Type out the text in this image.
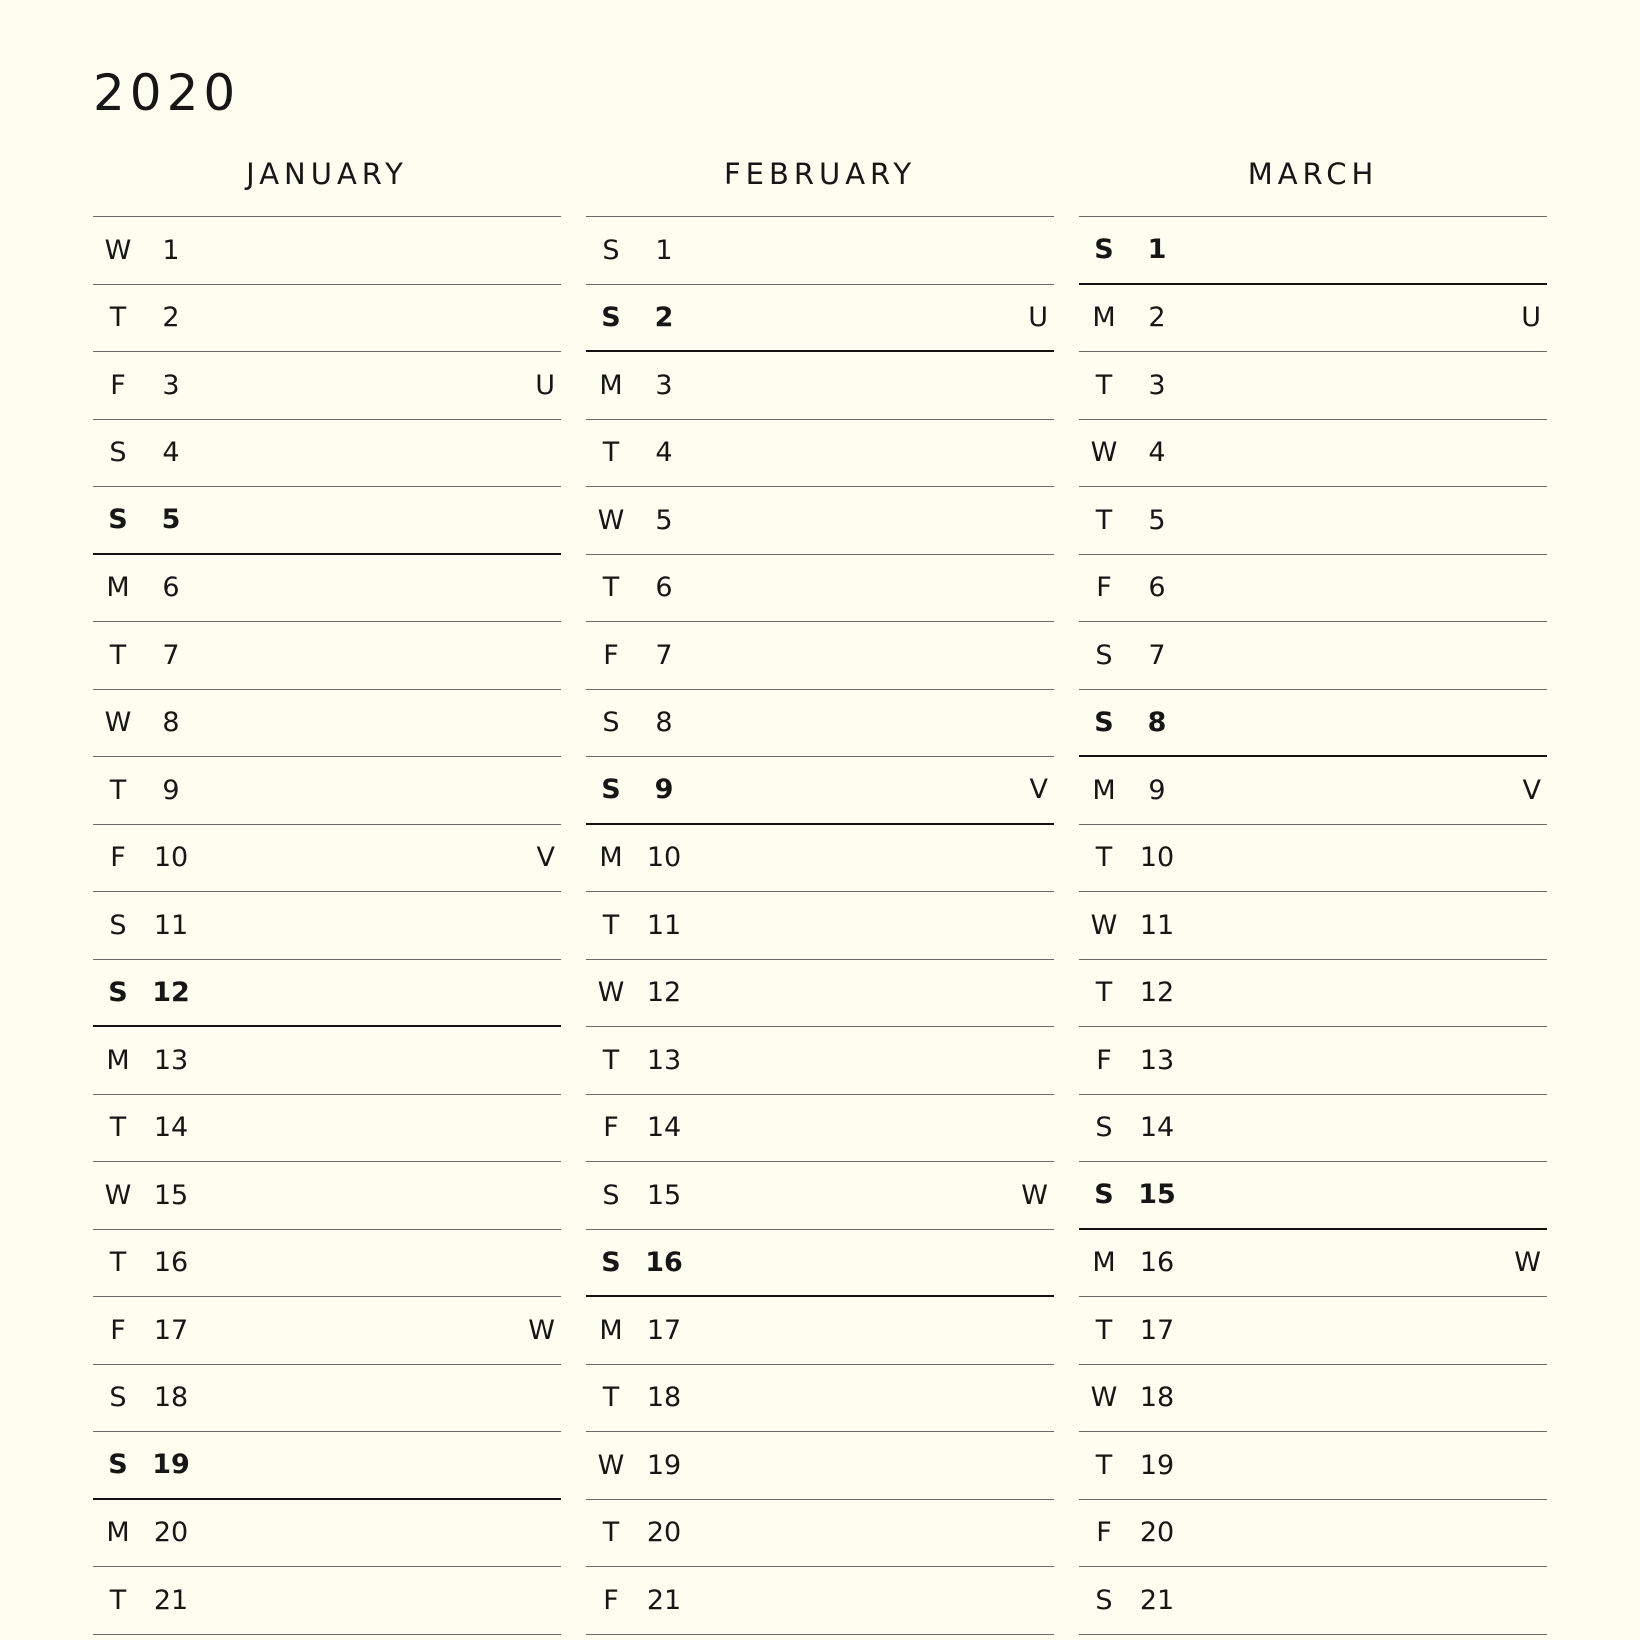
2020
JANUARY
W	1
T	2
F	3	U
S	4
S	5
M	6
T	7
W	8
T	9
F	10	V
S	11
S 12
M 13
T	14
W 15
T	16
F	17	W
S	18
S 19
M 20
T	21
FEBRUARY
S	1
S	2	U
M	3
T	4
W	5
T	6
F	7
S	8
S	9	V
M 10
T	11
W 12
T	13
F	14
S	15	W
S 16
M 17
T	18
W 19
T	20
F	21
MARCH
S	1
M	2	U
T	3
W	4
T	5
F	6
S	7
S	8
M	9	V
T	10
W 11
T	12
F	13
S	14
S 15
M 16	W
T	17
W 18
T	19
F	20
S	21
